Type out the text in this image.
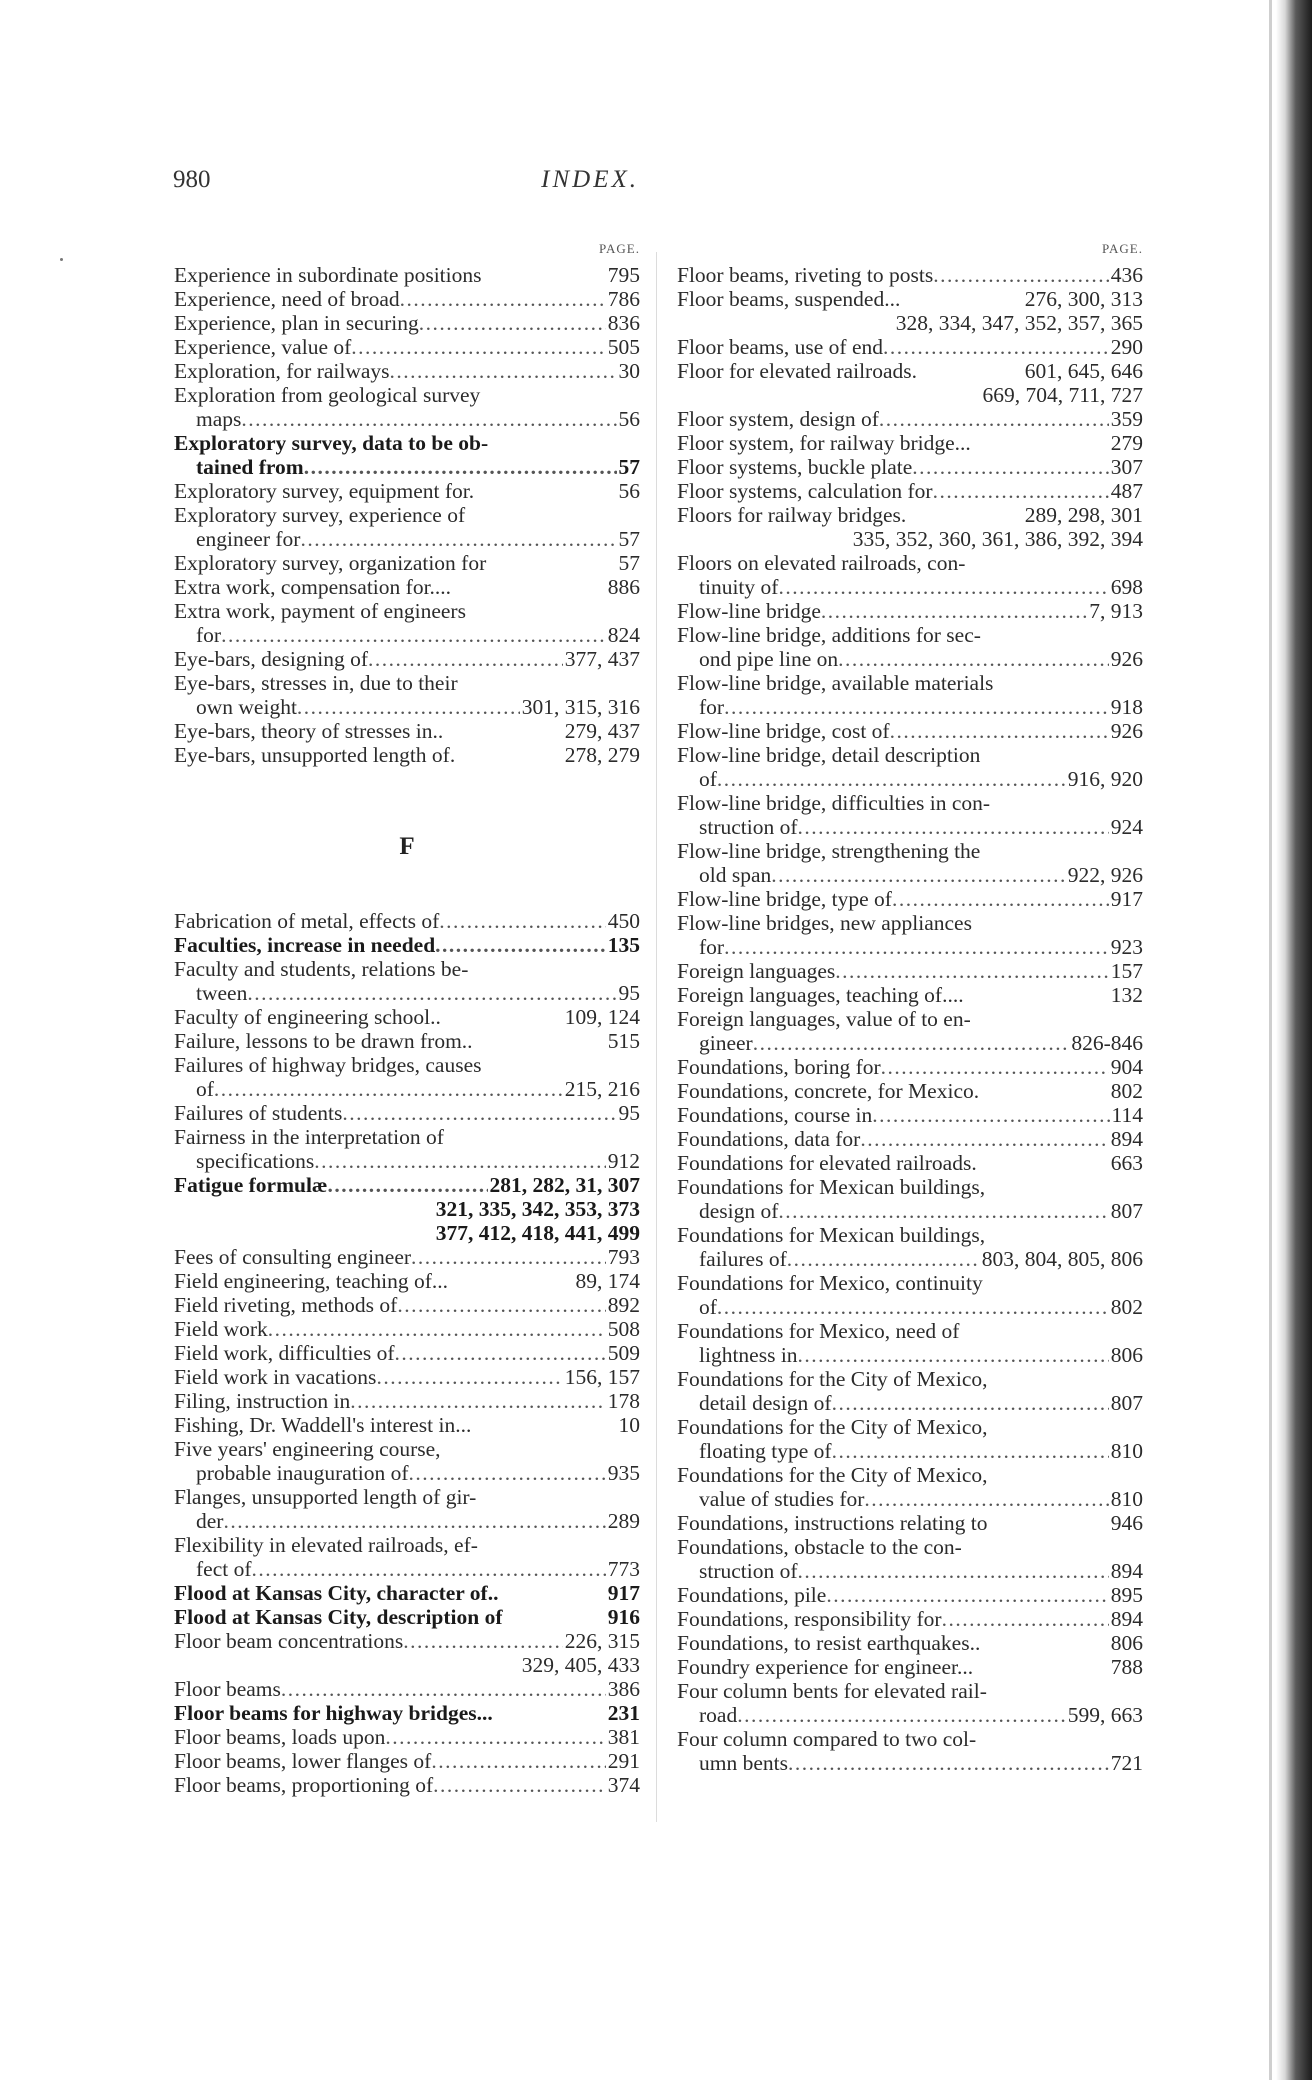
980	INDEX.
PAGE.
Experience in subordinate positions	795
Experience, need of broad .....	786
Experience, plan in securing .....	836
Experience, value of .....	505
Exploration, for railways .....	30
Exploration from geological survey
maps .....	56
Exploratory survey, data to be ob-
tained from .....	57
Exploratory survey, equipment for.	56
Exploratory survey, experience of
engineer for .....	57
Exploratory survey, organization for	57
Extra work, compensation for....	886
Extra work, payment of engineers
for .....	824
Eye-bars, designing of .....	377, 437
Eye-bars, stresses in, due to their
own weight .....	301, 315, 316
Eye-bars, theory of stresses in..	279, 437
Eye-bars, unsupported length of.	278, 279
F
Fabrication of metal, effects of .....	450
Faculties, increase in needed .....	135
Faculty and students, relations be-
tween .....	95
Faculty of engineering school..	109, 124
Failure, lessons to be drawn from..	515
Failures of highway bridges, causes
of .....	215, 216
Failures of students .....	95
Fairness in the interpretation of
specifications .....	912
Fatigue formulæ .....	281, 282, 31, 307
321, 335, 342, 353, 373
377, 412, 418, 441, 499
Fees of consulting engineer .....	793
Field engineering, teaching of...	89, 174
Field riveting, methods of .....	892
Field work .....	508
Field work, difficulties of .....	509
Field work in vacations .....	156, 157
Filing, instruction in .....	178
Fishing, Dr. Waddell's interest in...	10
Five years' engineering course,
probable inauguration of .....	935
Flanges, unsupported length of gir-
der .....	289
Flexibility in elevated railroads, ef-
fect of .....	773
Flood at Kansas City, character of..	917
Flood at Kansas City, description of	916
Floor beam concentrations .....	226, 315
329, 405, 433
Floor beams .....	386
Floor beams for highway bridges...	231
Floor beams, loads upon .....	381
Floor beams, lower flanges of .....	291
Floor beams, proportioning of .....	374
PAGE.
Floor beams, riveting to posts .....	436
Floor beams, suspended...	276, 300, 313
328, 334, 347, 352, 357, 365
Floor beams, use of end .....	290
Floor for elevated railroads.	601, 645, 646
669, 704, 711, 727
Floor system, design of .....	359
Floor system, for railway bridge...	279
Floor systems, buckle plate .....	307
Floor systems, calculation for .....	487
Floors for railway bridges.	289, 298, 301
335, 352, 360, 361, 386, 392, 394
Floors on elevated railroads, con-
tinuity of .....	698
Flow-line bridge .....	7, 913
Flow-line bridge, additions for sec-
ond pipe line on .....	926
Flow-line bridge, available materials
for .....	918
Flow-line bridge, cost of .....	926
Flow-line bridge, detail description
of .....	916, 920
Flow-line bridge, difficulties in con-
struction of .....	924
Flow-line bridge, strengthening the
old span .....	922, 926
Flow-line bridge, type of .....	917
Flow-line bridges, new appliances
for .....	923
Foreign languages .....	157
Foreign languages, teaching of....	132
Foreign languages, value of to en-
gineer .....	826-846
Foundations, boring for .....	904
Foundations, concrete, for Mexico.	802
Foundations, course in .....	114
Foundations, data for .....	894
Foundations for elevated railroads.	663
Foundations for Mexican buildings,
design of .....	807
Foundations for Mexican buildings,
failures of .....	803, 804, 805, 806
Foundations for Mexico, continuity
of .....	802
Foundations for Mexico, need of
lightness in .....	806
Foundations for the City of Mexico,
detail design of .....	807
Foundations for the City of Mexico,
floating type of .....	810
Foundations for the City of Mexico,
value of studies for .....	810
Foundations, instructions relating to	946
Foundations, obstacle to the con-
struction of .....	894
Foundations, pile .....	895
Foundations, responsibility for .....	894
Foundations, to resist earthquakes..	806
Foundry experience for engineer...	788
Four column bents for elevated rail-
road .....	599, 663
Four column compared to two col-
umn bents .....	721
